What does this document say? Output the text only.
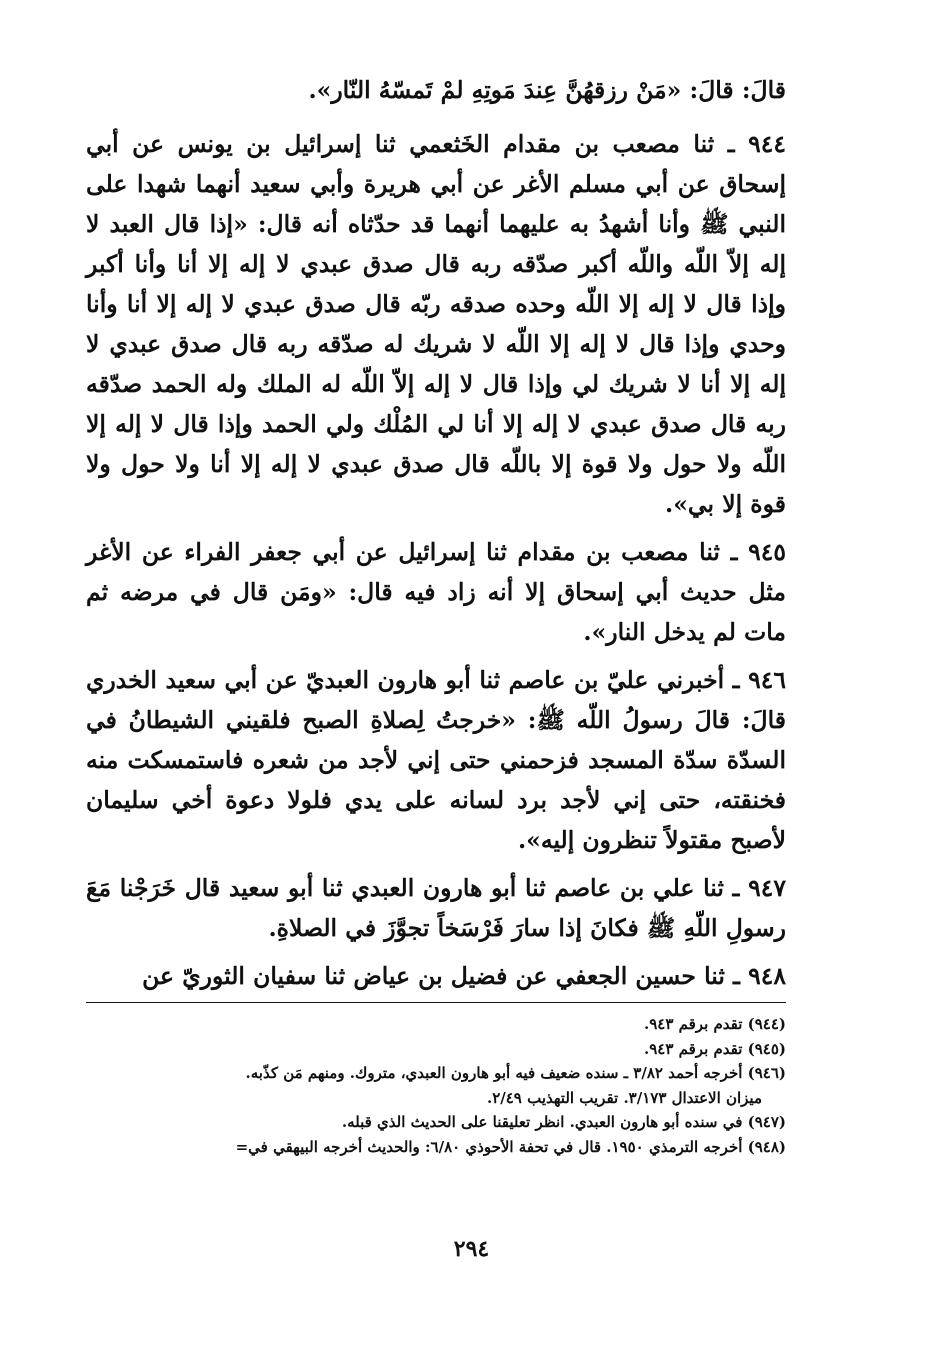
قالَ: قالَ: «مَنْ رزقهُنَّ عِندَ مَوتِهِ لمْ تَمسّهُ النّار».

٩٤٤ ـ ثنا مصعب بن مقدام الخَثعمي ثنا إسرائيل بن يونس عن أبي إسحاق عن أبي مسلم الأغر عن أبي هريرة وأبي سعيد أنهما شهدا على النبي ﷺ وأنا أشهدُ به عليهما أنهما قد حدّثاه أنه قال: «إذا قال العبد لا إله إلاّ اللّه واللّه أكبر صدّقه ربه قال صدق عبدي لا إله إلا أنا وأنا أكبر وإذا قال لا إله إلا اللّه وحده صدقه ربّه قال صدق عبدي لا إله إلا أنا وأنا وحدي وإذا قال لا إله إلا اللّه لا شريك له صدّقه ربه قال صدق عبدي لا إله إلا أنا لا شريك لي وإذا قال لا إله إلاّ اللّه له الملك وله الحمد صدّقه ربه قال صدق عبدي لا إله إلا أنا لي المُلْك ولي الحمد وإذا قال لا إله إلا اللّه ولا حول ولا قوة إلا باللّه قال صدق عبدي لا إله إلا أنا ولا حول ولا قوة إلا بي».

٩٤٥ ـ ثنا مصعب بن مقدام ثنا إسرائيل عن أبي جعفر الفراء عن الأغر مثل حديث أبي إسحاق إلا أنه زاد فيه قال: «ومَن قال في مرضه ثم مات لم يدخل النار».

٩٤٦ ـ أخبرني عليّ بن عاصم ثنا أبو هارون العبديّ عن أبي سعيد الخدري قالَ: قالَ رسولُ اللّه ﷺ: «خرجتُ لِصلاةِ الصبح فلقيني الشيطانُ في السدّة سدّة المسجد فزحمني حتى إني لأجد من شعره فاستمسكت منه فخنقته، حتى إني لأجد برد لسانه على يدي فلولا دعوة أخي سليمان لأصبح مقتولاً تنظرون إليه».

٩٤٧ ـ ثنا علي بن عاصم ثنا أبو هارون العبدي ثنا أبو سعيد قال خَرَجْنا مَعَ رسولِ اللّهِ ﷺ فكانَ إذا سارَ فَرْسَخاً تجوَّزَ في الصلاةِ.

٩٤٨ ـ ثنا حسين الجعفي عن فضيل بن عياض ثنا سفيان الثوريّ عن

(٩٤٤) تقدم برقم ٩٤٣.

(٩٤٥) تقدم برقم ٩٤٣.

(٩٤٦) أخرجه أحمد ٣/٨٢ ـ سنده ضعيف فيه أبو هارون العبدي، متروك. ومنهم مَن كذّبه.

ميزان الاعتدال ٣/١٧٣. تقريب التهذيب ٢/٤٩.

(٩٤٧) في سنده أبو هارون العبدي. انظر تعليقنا على الحديث الذي قبله.

(٩٤٨) أخرجه الترمذي ١٩٥٠. قال في تحفة الأحوذي ٦/٨٠: والحديث أخرجه البيهقي في=

٢٩٤
